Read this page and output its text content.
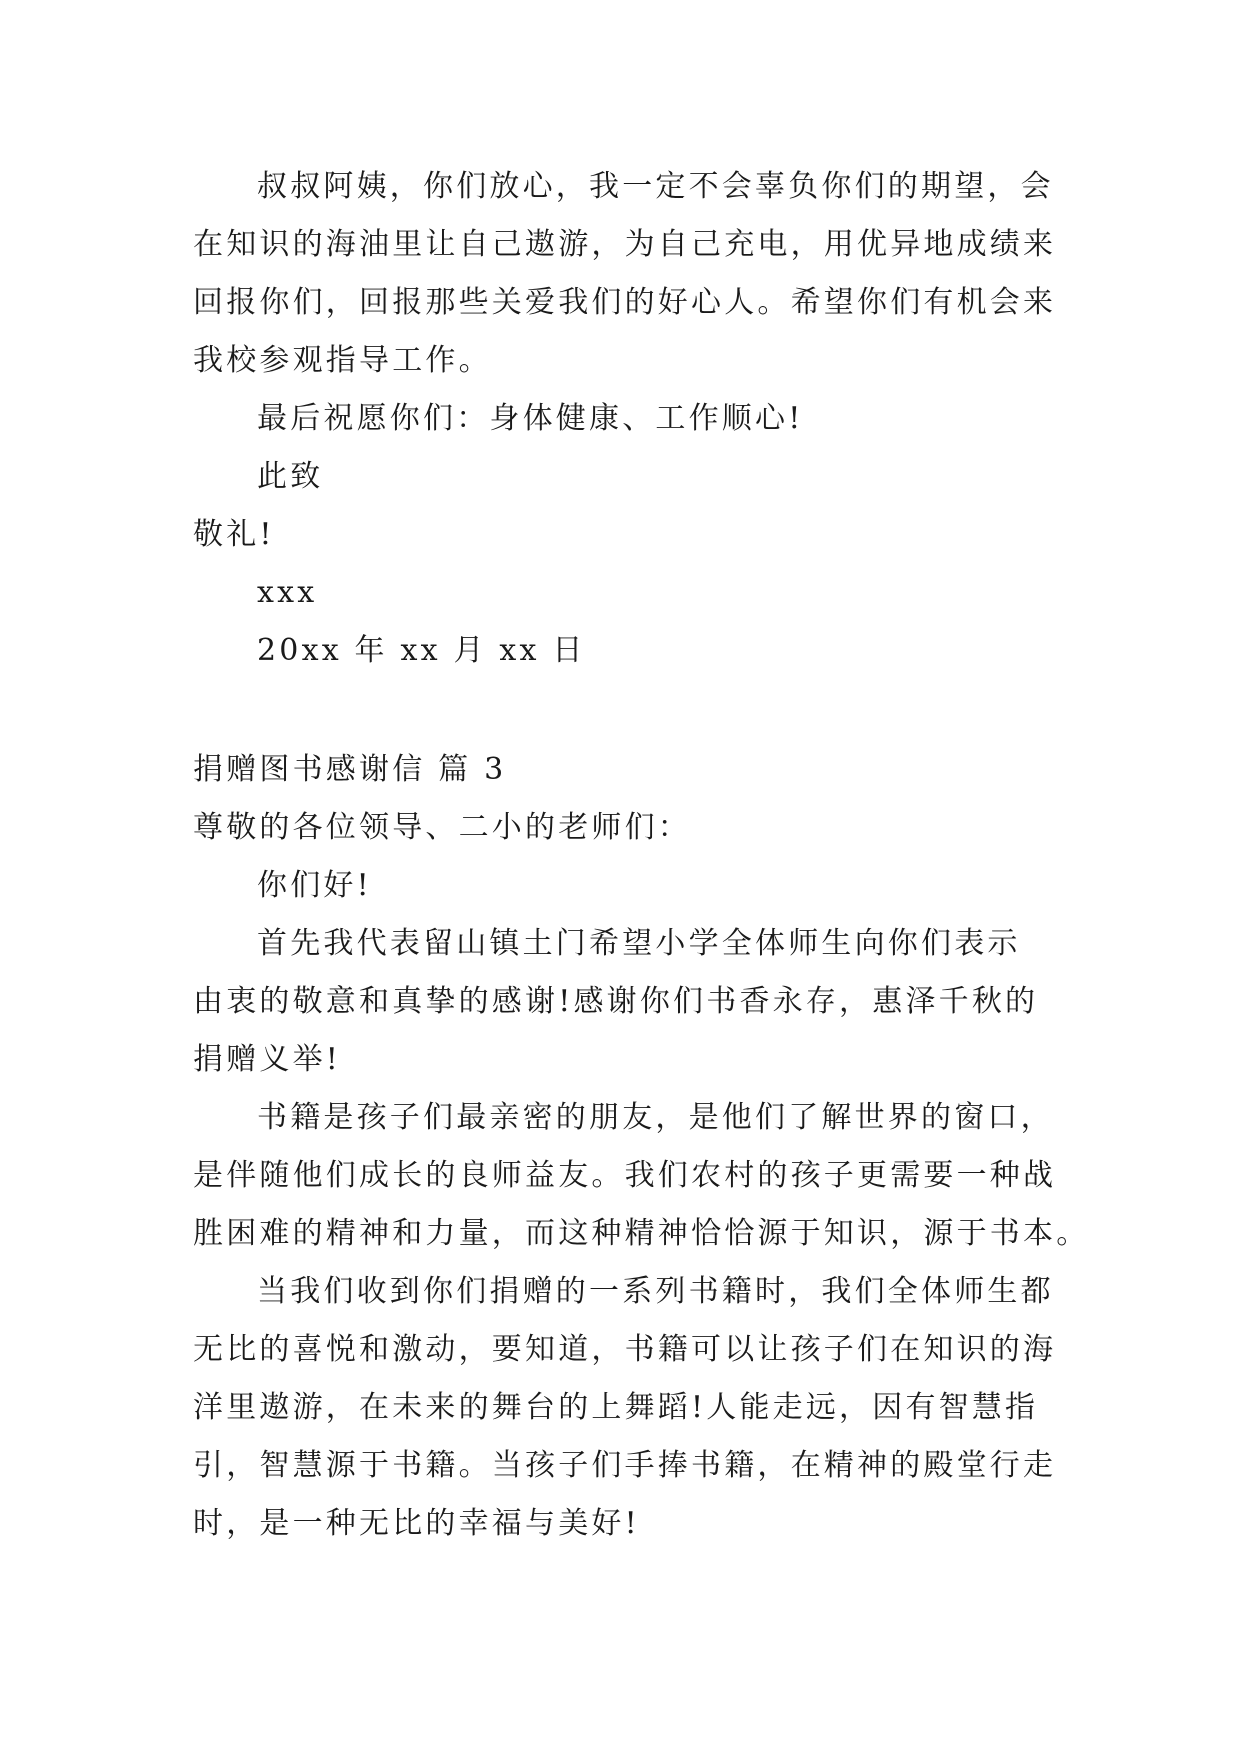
叔叔阿姨，你们放心，我一定不会辜负你们的期望，会
在知识的海油里让自己遨游，为自己充电，用优异地成绩来
回报你们，回报那些关爱我们的好心人。希望你们有机会来
我校参观指导工作。
最后祝愿你们：身体健康、工作顺心!
此致
敬礼!
xxx
20xx 年 xx 月 xx 日
捐赠图书感谢信 篇 3
尊敬的各位领导、二小的老师们：
你们好!
首先我代表留山镇土门希望小学全体师生向你们表示
由衷的敬意和真挚的感谢!感谢你们书香永存，惠泽千秋的
捐赠义举!
书籍是孩子们最亲密的朋友，是他们了解世界的窗口，
是伴随他们成长的良师益友。我们农村的孩子更需要一种战
胜困难的精神和力量，而这种精神恰恰源于知识，源于书本。
当我们收到你们捐赠的一系列书籍时，我们全体师生都
无比的喜悦和激动，要知道，书籍可以让孩子们在知识的海
洋里遨游，在未来的舞台的上舞蹈!人能走远，因有智慧指
引，智慧源于书籍。当孩子们手捧书籍，在精神的殿堂行走
时，是一种无比的幸福与美好!
